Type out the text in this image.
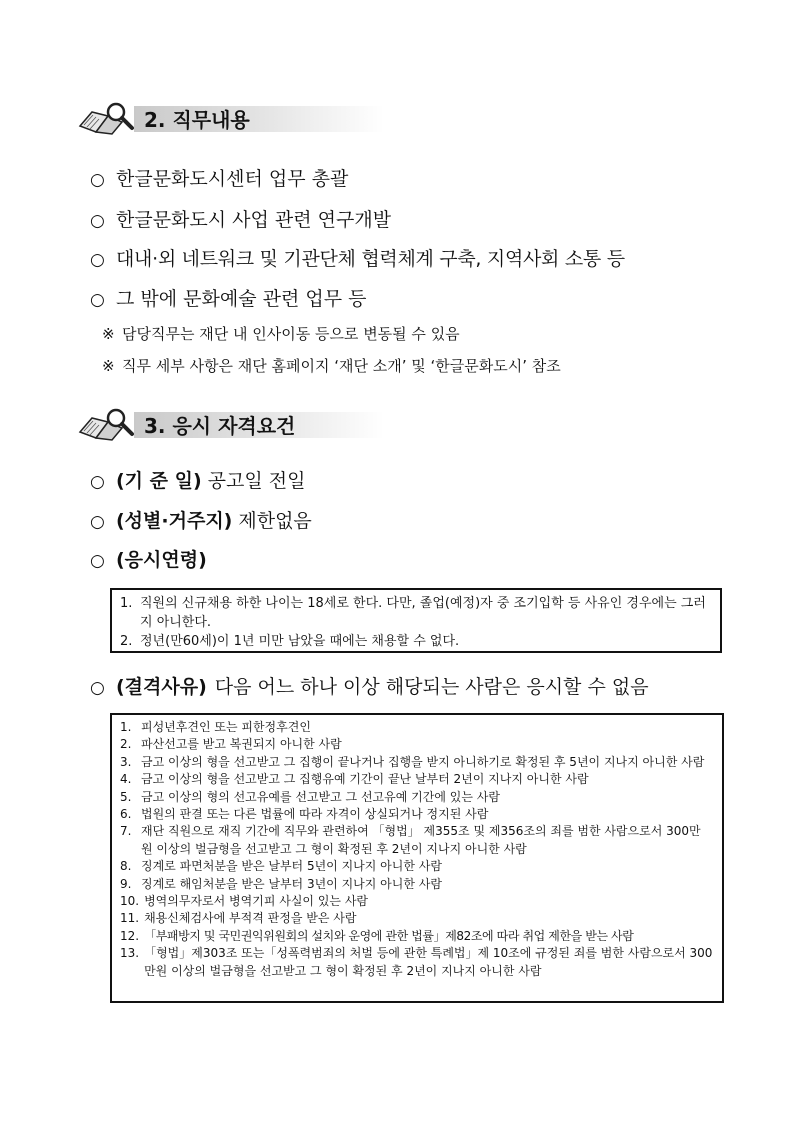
2. 직무내용
○ 한글문화도시센터 업무 총괄
○ 한글문화도시 사업 관련 연구개발
○ 대내·외 네트워크 및 기관단체 협력체계 구축, 지역사회 소통 등
○ 그 밖에 문화예술 관련 업무 등
※ 담당직무는 재단 내 인사이동 등으로 변동될 수 있음
※ 직무 세부 사항은 재단 홈페이지 ‘재단 소개’ 및 ‘한글문화도시’ 참조
3. 응시 자격요건
○ (기 준 일) 공고일 전일
○ (성별·거주지) 제한없음
○ (응시연령)
1. 직원의 신규채용 하한 나이는 18세로 한다. 다만, 졸업(예정)자 중 조기입학 등 사유인 경우에는 그러지 아니한다.
2. 정년(만60세)이 1년 미만 남았을 때에는 채용할 수 없다.
○ (결격사유) 다음 어느 하나 이상 해당되는 사람은 응시할 수 없음
1. 피성년후견인 또는 피한정후견인
2. 파산선고를 받고 복권되지 아니한 사람
3. 금고 이상의 형을 선고받고 그 집행이 끝나거나 집행을 받지 아니하기로 확정된 후 5년이 지나지 아니한 사람
4. 금고 이상의 형을 선고받고 그 집행유예 기간이 끝난 날부터 2년이 지나지 아니한 사람
5. 금고 이상의 형의 선고유예를 선고받고 그 선고유예 기간에 있는 사람
6. 법원의 판결 또는 다른 법률에 따라 자격이 상실되거나 정지된 사람
7. 재단 직원으로 재직 기간에 직무와 관련하여 「형법」 제355조 및 제356조의 죄를 범한 사람으로서 300만 원 이상의 벌금형을 선고받고 그 형이 확정된 후 2년이 지나지 아니한 사람
8. 징계로 파면처분을 받은 날부터 5년이 지나지 아니한 사람
9. 징계로 해임처분을 받은 날부터 3년이 지나지 아니한 사람
10. 병역의무자로서 병역기피 사실이 있는 사람
11. 채용신체검사에 부적격 판정을 받은 사람
12. 「부패방지 및 국민권익위원회의 설치와 운영에 관한 법률」제82조에 따라 취업 제한을 받는 사람
13. 「형법」제303조 또는「성폭력범죄의 처벌 등에 관한 특례법」제 10조에 규정된 죄를 범한 사람으로서 300만원 이상의 벌금형을 선고받고 그 형이 확정된 후 2년이 지나지 아니한 사람
